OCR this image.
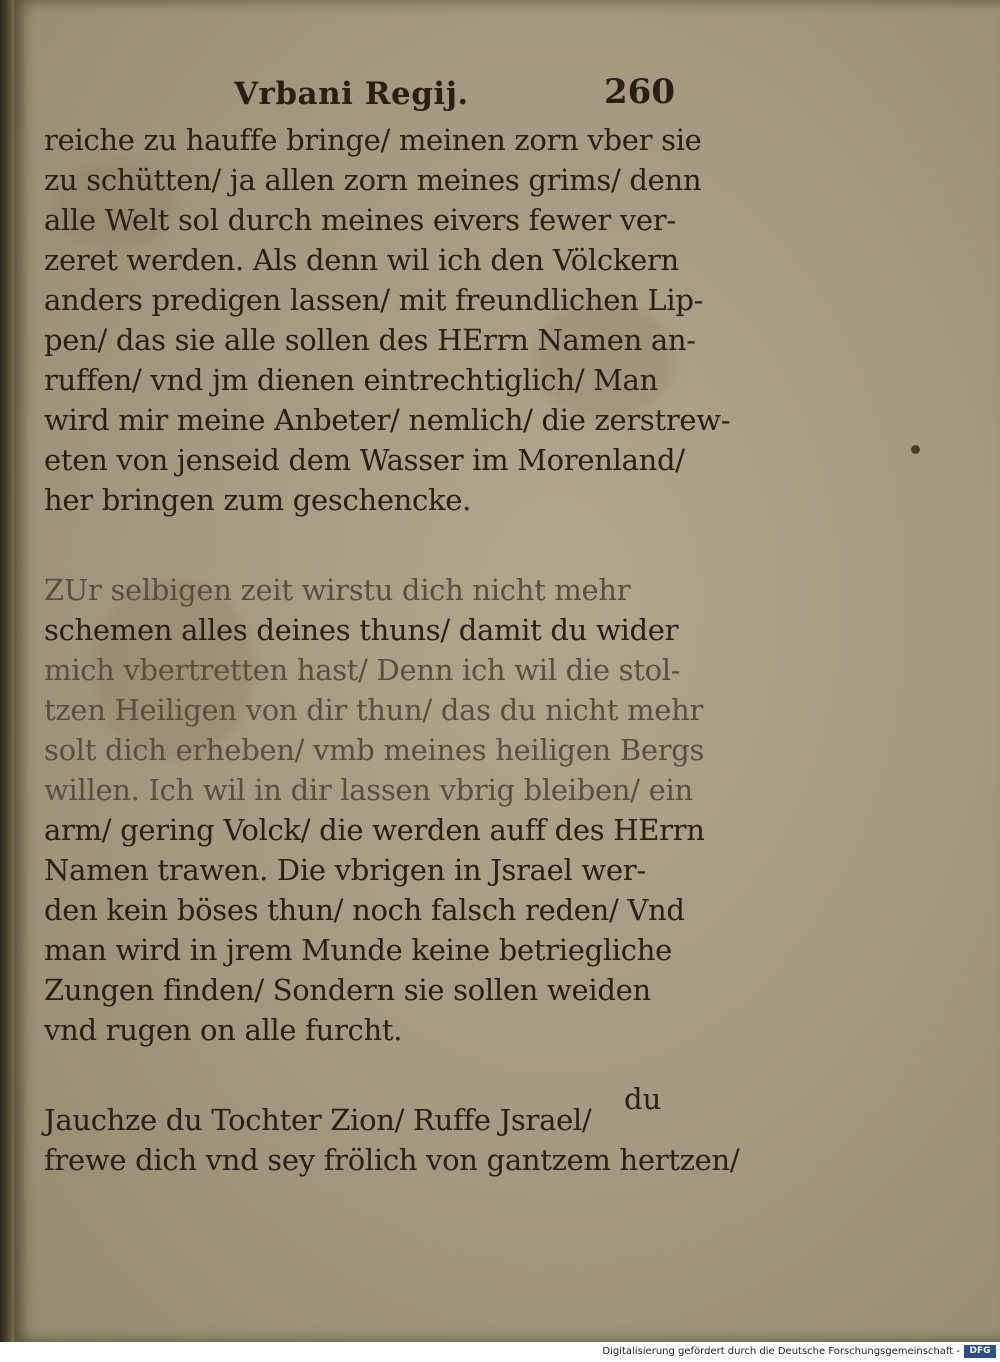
Vrbani Regij.	260
reiche zu hauffe bringe/ meinen zorn vber sie
zu schütten/ ja allen zorn meines grims/ denn
alle Welt sol durch meines eivers fewer ver-
zeret werden. Als denn wil ich den Völckern
anders predigen lassen/ mit freundlichen Lip-
pen/ das sie alle sollen des HErrn Namen an-
ruffen/ vnd jm dienen eintrechtiglich/ Man
wird mir meine Anbeter/ nemlich/ die zerstrew-
eten von jenseid dem Wasser im Morenland/
her bringen zum geschencke.
ZUr selbigen zeit wirstu dich nicht mehr
schemen alles deines thuns/ damit du wider
mich vbertretten hast/ Denn ich wil die stol-
tzen Heiligen von dir thun/ das du nicht mehr
solt dich erheben/ vmb meines heiligen Bergs
willen. Ich wil in dir lassen vbrig bleiben/ ein
arm/ gering Volck/ die werden auff des HErrn
Namen trawen. Die vbrigen in Jsrael wer-
den kein böses thun/ noch falsch reden/ Vnd
man wird in jrem Munde keine betriegliche
Zungen finden/ Sondern sie sollen weiden
vnd rugen on alle furcht.
Jauchze du Tochter Zion/ Ruffe Jsrael/
frewe dich vnd sey frölich von gantzem hertzen/
du
Digitalisierung gefördert durch die Deutsche Forschungsgemeinschaft -	DFG
